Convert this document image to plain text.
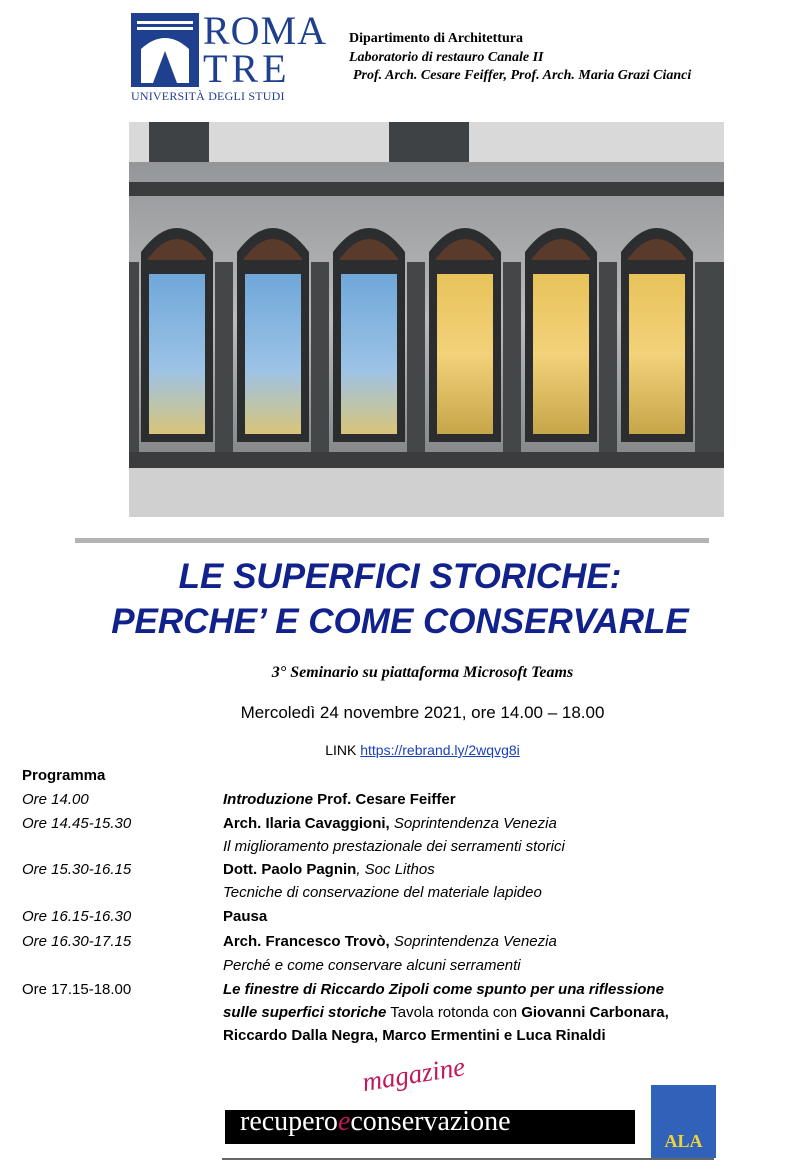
ROMA
TRE
UNIVERSITÀ DEGLI STUDI
Dipartimento di Architettura
Laboratorio di restauro Canale II
Prof. Arch. Cesare Feiffer, Prof. Arch. Maria Grazi Cianci
LE SUPERFICI STORICHE:
PERCHE’ E COME CONSERVARLE
3° Seminario su piattaforma Microsoft Teams
Mercoledì 24 novembre 2021, ore 14.00 – 18.00
LINK https://rebrand.ly/2wqvg8i
Programma
Ore 14.00	Introduzione Prof. Cesare Feiffer
Ore 14.45-15.30	Arch. Ilaria Cavaggioni, Soprintendenza Venezia
Il miglioramento prestazionale dei serramenti storici
Ore 15.30-16.15	Dott. Paolo Pagnin, Soc Lithos
Tecniche di conservazione del materiale lapideo
Ore 16.15-16.30	Pausa
Ore 16.30-17.15	Arch. Francesco Trovò, Soprintendenza Venezia
Perché e come conservare alcuni serramenti
Ore 17.15-18.00	Le finestre di Riccardo Zipoli come spunto per una riflessione
sulle superfici storiche Tavola rotonda con Giovanni Carbonara,
Riccardo Dalla Negra, Marco Ermentini e Luca Rinaldi
magazine
recuperoeconservazione
ALA
